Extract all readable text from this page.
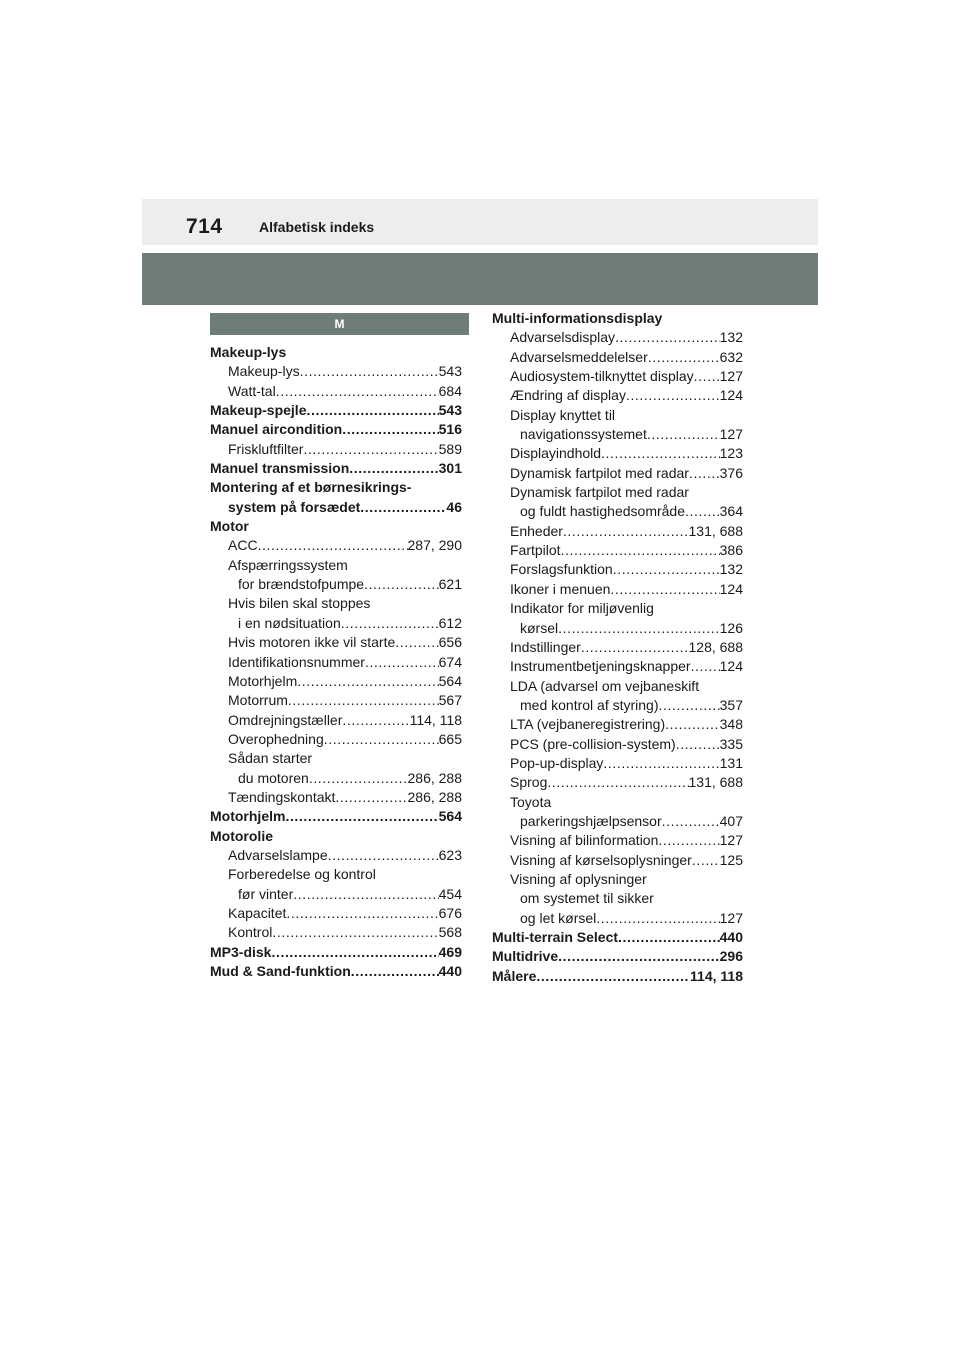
714	Alfabetisk indeks
M
Makeup-lys
Makeup-lys .....	543
Watt-tal .....	684
Makeup-spejle .....	543
Manuel aircondition .....	516
Friskluftfilter .....	589
Manuel transmission .....	301
Montering af et børnesikrings-
system på forsædet .....	46
Motor
ACC .....	287, 290
Afspærringssystem
for brændstofpumpe .....	621
Hvis bilen skal stoppes
i en nødsituation .....	612
Hvis motoren ikke vil starte .....	656
Identifikationsnummer .....	674
Motorhjelm .....	564
Motorrum .....	567
Omdrejningstæller .....	114, 118
Overophedning .....	665
Sådan starter
du motoren .....	286, 288
Tændingskontakt .....	286, 288
Motorhjelm .....	564
Motorolie
Advarselslampe .....	623
Forberedelse og kontrol
før vinter .....	454
Kapacitet .....	676
Kontrol .....	568
MP3-disk .....	469
Mud & Sand-funktion .....	440
Multi-informationsdisplay
Advarselsdisplay .....	132
Advarselsmeddelelser .....	632
Audiosystem-tilknyttet display ..... 127
Ændring af display .....	124
Display knyttet til
navigationssystemet .....	127
Displayindhold .....	123
Dynamisk fartpilot med radar ..... 376
Dynamisk fartpilot med radar
og fuldt hastighedsområde ..... 364
Enheder .....	131, 688
Fartpilot .....	386
Forslagsfunktion .....	132
Ikoner i menuen .....	124
Indikator for miljøvenlig
kørsel .....	126
Indstillinger .....	128, 688
Instrumentbetjeningsknapper ..... 124
LDA (advarsel om vejbaneskift
med kontrol af styring) .....	357
LTA (vejbaneregistrering) .....	348
PCS (pre-collision-system) .....	335
Pop-up-display .....	131
Sprog .....	131, 688
Toyota
parkeringshjælpsensor .....	407
Visning af bilinformation .....	127
Visning af kørselsoplysninger ..... 125
Visning af oplysninger
om systemet til sikker
og let kørsel .....	127
Multi-terrain Select .....	440
Multidrive .....	296
Målere .....	114, 118
